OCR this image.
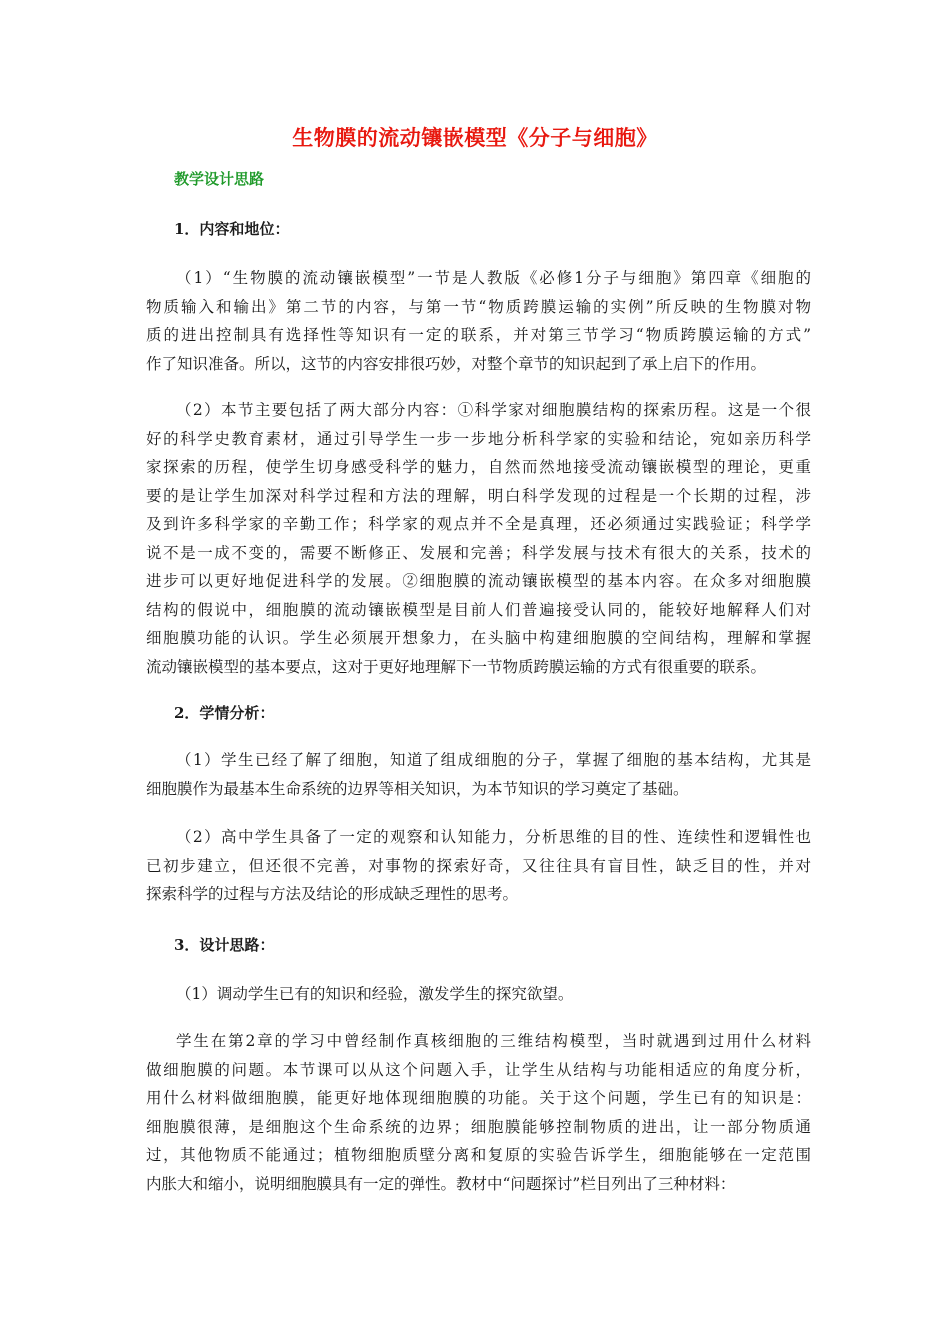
生物膜的流动镶嵌模型《分子与细胞》
教学设计思路
1．内容和地位：
（1）“生物膜的流动镶嵌模型”一节是人教版《必修1分子与细胞》第四章《细胞的
物质输入和输出》第二节的内容，与第一节“物质跨膜运输的实例”所反映的生物膜对物
质的进出控制具有选择性等知识有一定的联系，并对第三节学习“物质跨膜运输的方式”
作了知识准备。所以，这节的内容安排很巧妙，对整个章节的知识起到了承上启下的作用。
（2）本节主要包括了两大部分内容：①科学家对细胞膜结构的探索历程。这是一个很
好的科学史教育素材，通过引导学生一步一步地分析科学家的实验和结论，宛如亲历科学
家探索的历程，使学生切身感受科学的魅力，自然而然地接受流动镶嵌模型的理论，更重
要的是让学生加深对科学过程和方法的理解，明白科学发现的过程是一个长期的过程，涉
及到许多科学家的辛勤工作；科学家的观点并不全是真理，还必须通过实践验证；科学学
说不是一成不变的，需要不断修正、发展和完善；科学发展与技术有很大的关系，技术的
进步可以更好地促进科学的发展。②细胞膜的流动镶嵌模型的基本内容。在众多对细胞膜
结构的假说中，细胞膜的流动镶嵌模型是目前人们普遍接受认同的，能较好地解释人们对
细胞膜功能的认识。学生必须展开想象力，在头脑中构建细胞膜的空间结构，理解和掌握
流动镶嵌模型的基本要点，这对于更好地理解下一节物质跨膜运输的方式有很重要的联系。
2．学情分析：
（1）学生已经了解了细胞，知道了组成细胞的分子，掌握了细胞的基本结构，尤其是
细胞膜作为最基本生命系统的边界等相关知识，为本节知识的学习奠定了基础。
（2）高中学生具备了一定的观察和认知能力，分析思维的目的性、连续性和逻辑性也
已初步建立，但还很不完善，对事物的探索好奇，又往往具有盲目性，缺乏目的性，并对
探索科学的过程与方法及结论的形成缺乏理性的思考。
3．设计思路：
（1）调动学生已有的知识和经验，激发学生的探究欲望。
学生在第2章的学习中曾经制作真核细胞的三维结构模型，当时就遇到过用什么材料
做细胞膜的问题。本节课可以从这个问题入手，让学生从结构与功能相适应的角度分析，
用什么材料做细胞膜，能更好地体现细胞膜的功能。关于这个问题，学生已有的知识是：
细胞膜很薄，是细胞这个生命系统的边界；细胞膜能够控制物质的进出，让一部分物质通
过，其他物质不能通过；植物细胞质壁分离和复原的实验告诉学生，细胞能够在一定范围
内胀大和缩小，说明细胞膜具有一定的弹性。教材中“问题探讨”栏目列出了三种材料：
